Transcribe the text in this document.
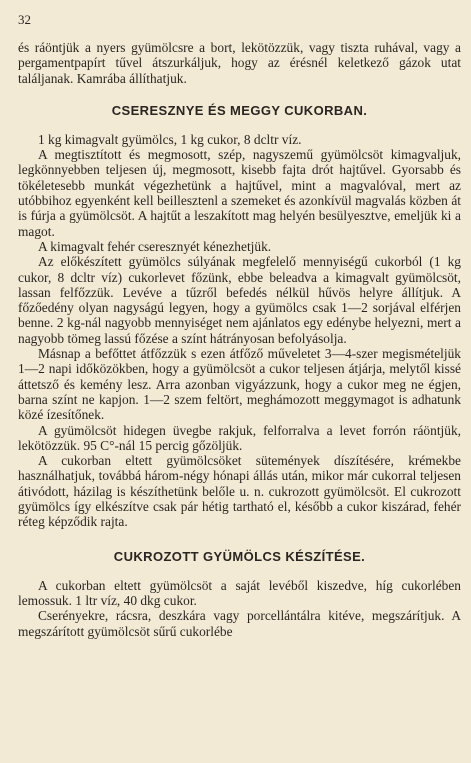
32

és ráöntjük a nyers gyümölcsre a bort, lekötözzük, vagy tiszta ruhával, vagy a pergamentpapírt tűvel átszurkáljuk, hogy az érésnél keletkező gázok utat találjanak. Kamrába állíthatjuk.

CSERESZNYE ÉS MEGGY CUKORBAN.

1 kg kimagvalt gyümölcs, 1 kg cukor, 8 dcltr víz.

A megtisztított és megmosott, szép, nagyszemű gyümölcsöt kimagvaljuk, legkönnyebben teljesen új, megmosott, kisebb fajta drót hajtűvel. Gyorsabb és tökéletesebb munkát végezhetünk a hajtűvel, mint a magvalóval, mert az utóbbihoz egyenként kell beillesztenl a szemeket és azonkívül magvalás közben át is fúrja a gyümölcsöt. A hajtűt a leszakított mag helyén besülyesztve, emeljük ki a magot.

A kimagvalt fehér cseresznyét kénezhetjük.

Az előkészített gyümölcs súlyának megfelelő mennyiségű cukorból (1 kg cukor, 8 dcltr víz) cukorlevet főzünk, ebbe beleadva a kimagvalt gyümölcsöt, lassan felfőzzük. Levéve a tűzről befedés nélkül hűvös helyre állítjuk. A főzőedény olyan nagyságú legyen, hogy a gyümölcs csak 1—2 sorjával elférjen benne. 2 kg-nál nagyobb mennyiséget nem ajánlatos egy edénybe helyezni, mert a nagyobb tömeg lassú főzése a színt hátrányosan befolyásolja.

Másnap a befőttet átfőzzük s ezen átfőző műveletet 3—4-szer megismételjük 1—2 napi időközökben, hogy a gyümölcsöt a cukor teljesen átjárja, melytől kissé áttetsző és kemény lesz. Arra azonban vigyázzunk, hogy a cukor meg ne égjen, barna színt ne kapjon. 1—2 szem feltört, meghámozott meggymagot is adhatunk közé ízesítőnek.

A gyümölcsöt hidegen üvegbe rakjuk, felforralva a levet forrón ráöntjük, lekötözzük. 95 C°-nál 15 percig gőzöljük.

A cukorban eltett gyümölcsöket sütemények díszítésére, krémekbe használhatjuk, továbbá három-négy hónapi állás után, mikor már cukorral teljesen átivódott, házilag is készíthetünk belőle u. n. cukrozott gyümölcsöt. El cukrozott gyümölcs így elkészítve csak pár hétig tartható el, később a cukor kiszárad, fehér réteg képződik rajta.

CUKROZOTT GYÜMÖLCS KÉSZÍTÉSE.

A cukorban eltett gyümölcsöt a saját levéből kiszedve, híg cukorlében lemossuk. 1 ltr víz, 40 dkg cukor.

Cserényekre, rácsra, deszkára vagy porcellántálra kitéve, megszárítjuk. A megszárított gyümölcsöt sűrű cukorlébe
